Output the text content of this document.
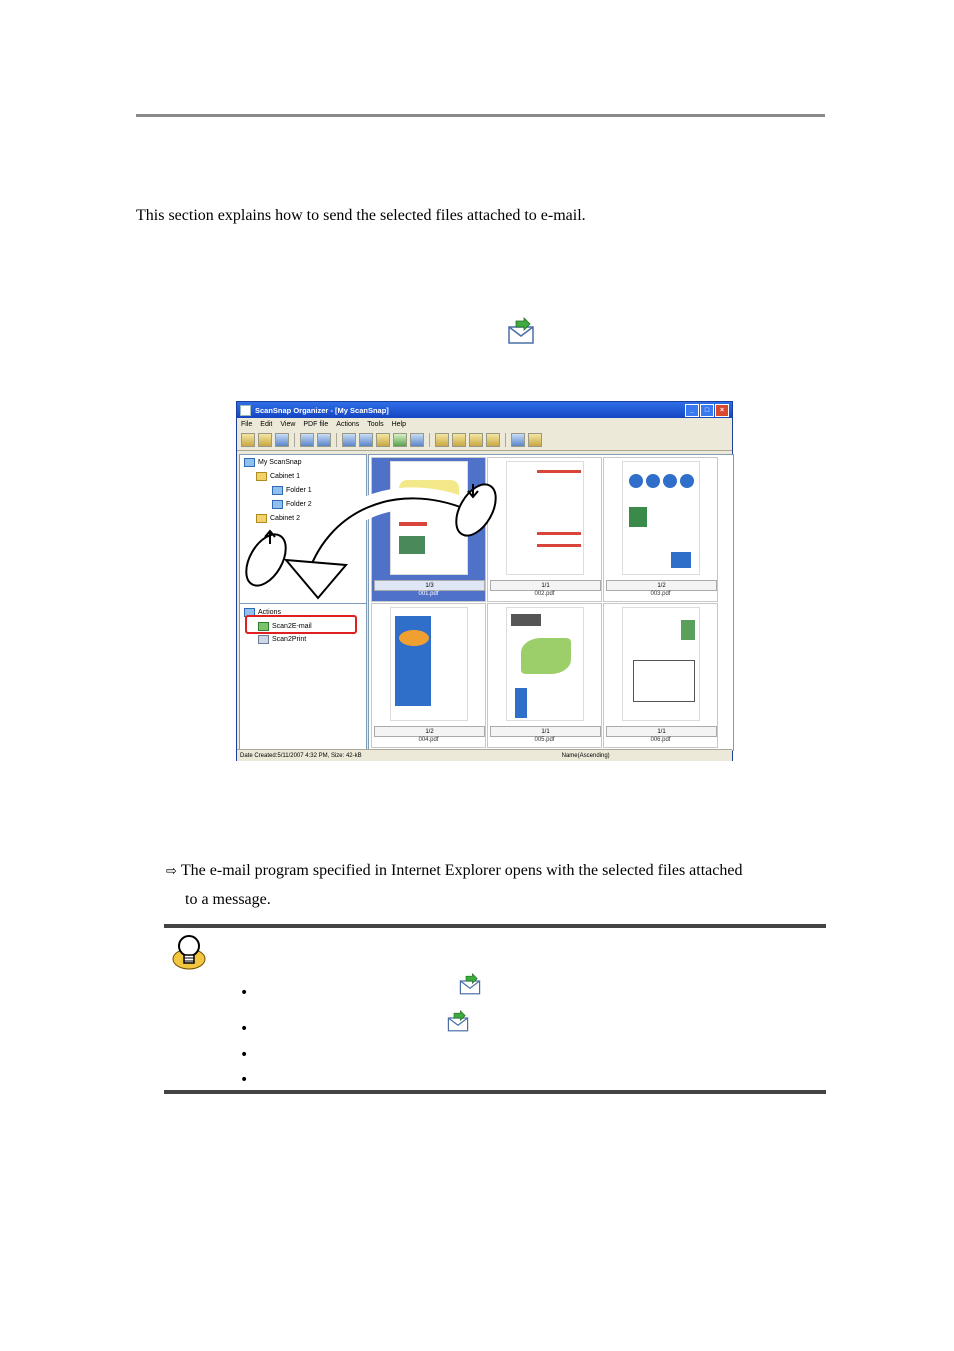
This section explains how to send the selected files attached to e-mail.
ScanSnap Organizer - [My ScanSnap]	_	□	×
File Edit View PDF file Actions Tools Help
My ScanSnap
Cabinet 1
Folder 1
Folder 2
Cabinet 2
Actions
Scan2E-mail
Scan2Print
1/3
001.pdf
1/1
002.pdf
1/2
003.pdf
1/2
004.pdf
1/1
005.pdf
1/1
006.pdf
Date Created:5/11/2007 4:32 PM, Size: 42-kB	Name(Ascending)
⇨ The e-mail program specified in Internet Explorer opens with the selected files attached
to a message.
•
•
•
•
